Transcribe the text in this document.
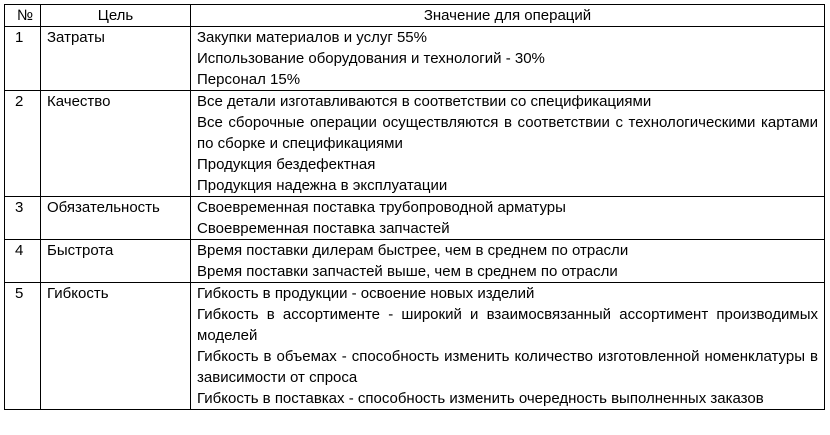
№	Цель	Значение для операций
1	Затраты	Закупки материалов и услуг 55%
Использование оборудования и технологий - 30%
Персонал 15%

2	Качество	Все детали изготавливаются в соответствии со спецификациями
Все сборочные операции осуществляются в соответствии с технологическими картами по сборке и спецификациями
Продукция бездефектная
Продукция надежна в эксплуатации

3	Обязательность	Своевременная поставка трубопроводной арматуры
Своевременная поставка запчастей

4	Быстрота	Время поставки дилерам быстрее, чем в среднем по отрасли
Время поставки запчастей выше, чем в среднем по отрасли

5	Гибкость	Гибкость в продукции - освоение новых изделий
Гибкость в ассортименте - широкий и взаимосвязанный ассортимент производимых моделей
Гибкость в объемах - способность изменить количество изготовленной номенклатуры в зависимости от спроса
Гибкость в поставках - способность изменить очередность выполненных заказов
